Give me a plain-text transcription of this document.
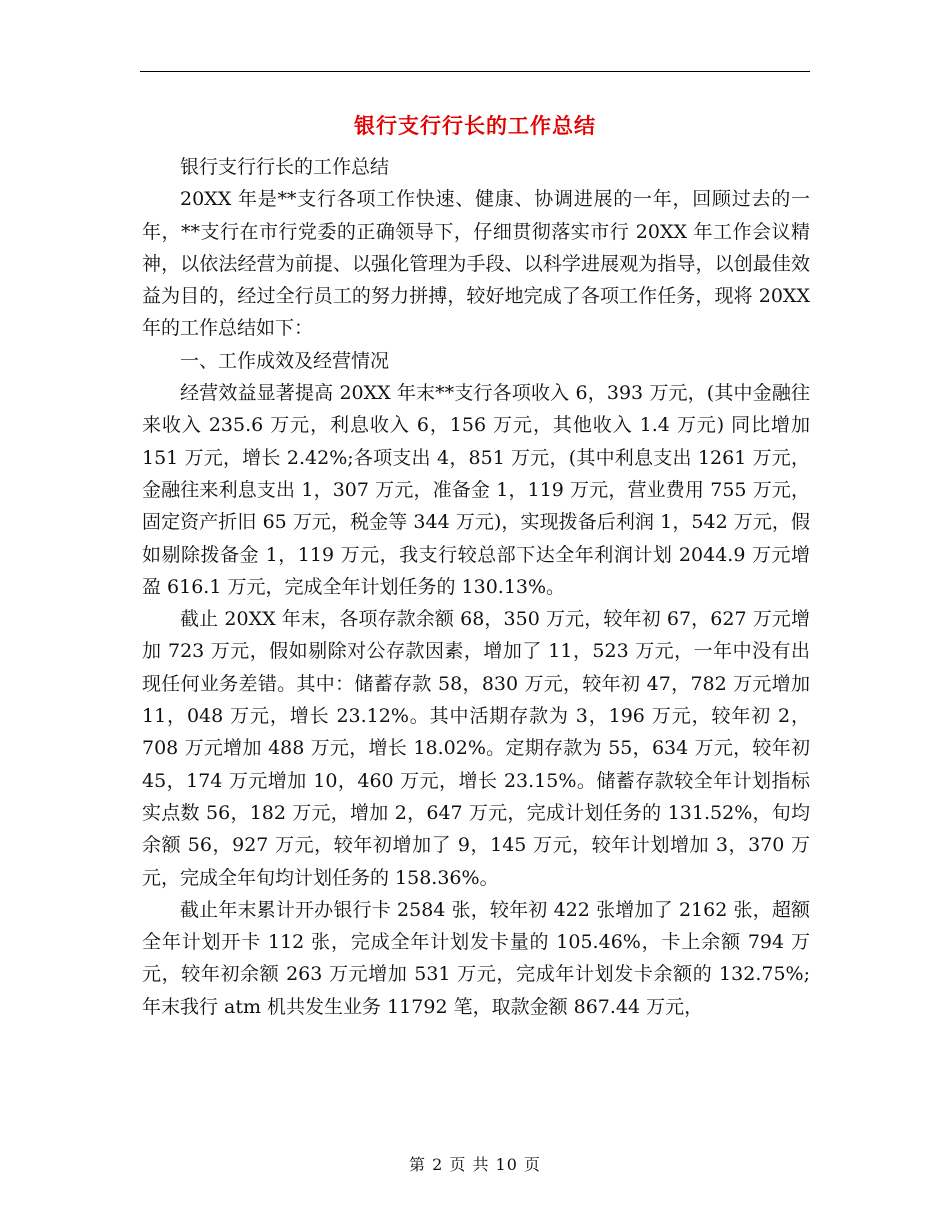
银行支行行长的工作总结

银行支行行长的工作总结

20XX 年是**支行各项工作快速、健康、协调进展的一年，回顾过去的一年，**支行在市行党委的正确领导下，仔细贯彻落实市行 20XX 年工作会议精神，以依法经营为前提、以强化管理为手段、以科学进展观为指导，以创最佳效益为目的，经过全行员工的努力拼搏，较好地完成了各项工作任务，现将 20XX 年的工作总结如下：

一、工作成效及经营情况

经营效益显著提高 20XX 年末**支行各项收入 6，393 万元，(其中金融往来收入 235.6 万元，利息收入 6，156 万元，其他收入 1.4 万元) 同比增加 151 万元，增长 2.42%;各项支出 4，851 万元，(其中利息支出 1261 万元，金融往来利息支出 1，307 万元，准备金 1，119 万元，营业费用 755 万元，固定资产折旧 65 万元，税金等 344 万元)，实现拨备后利润 1，542 万元，假如剔除拨备金 1，119 万元，我支行较总部下达全年利润计划 2044.9 万元增盈 616.1 万元，完成全年计划任务的 130.13%。

截止 20XX 年末，各项存款余额 68，350 万元，较年初 67，627 万元增加 723 万元，假如剔除对公存款因素，增加了 11，523 万元，一年中没有出现任何业务差错。其中：储蓄存款 58，830 万元，较年初 47，782 万元增加 11，048 万元，增长 23.12%。其中活期存款为 3，196 万元，较年初 2，708 万元增加 488 万元，增长 18.02%。定期存款为 55，634 万元，较年初 45，174 万元增加 10，460 万元，增长 23.15%。储蓄存款较全年计划指标实点数 56，182 万元，增加 2，647 万元，完成计划任务的 131.52%，旬均余额 56，927 万元，较年初增加了 9，145 万元，较年计划增加 3，370 万元，完成全年旬均计划任务的 158.36%。

截止年末累计开办银行卡 2584 张，较年初 422 张增加了 2162 张，超额全年计划开卡 112 张，完成全年计划发卡量的 105.46%，卡上余额 794 万元，较年初余额 263 万元增加 531 万元，完成年计划发卡余额的 132.75%;年末我行 atm 机共发生业务 11792 笔，取款金额 867.44 万元，

第 2 页 共 10 页
